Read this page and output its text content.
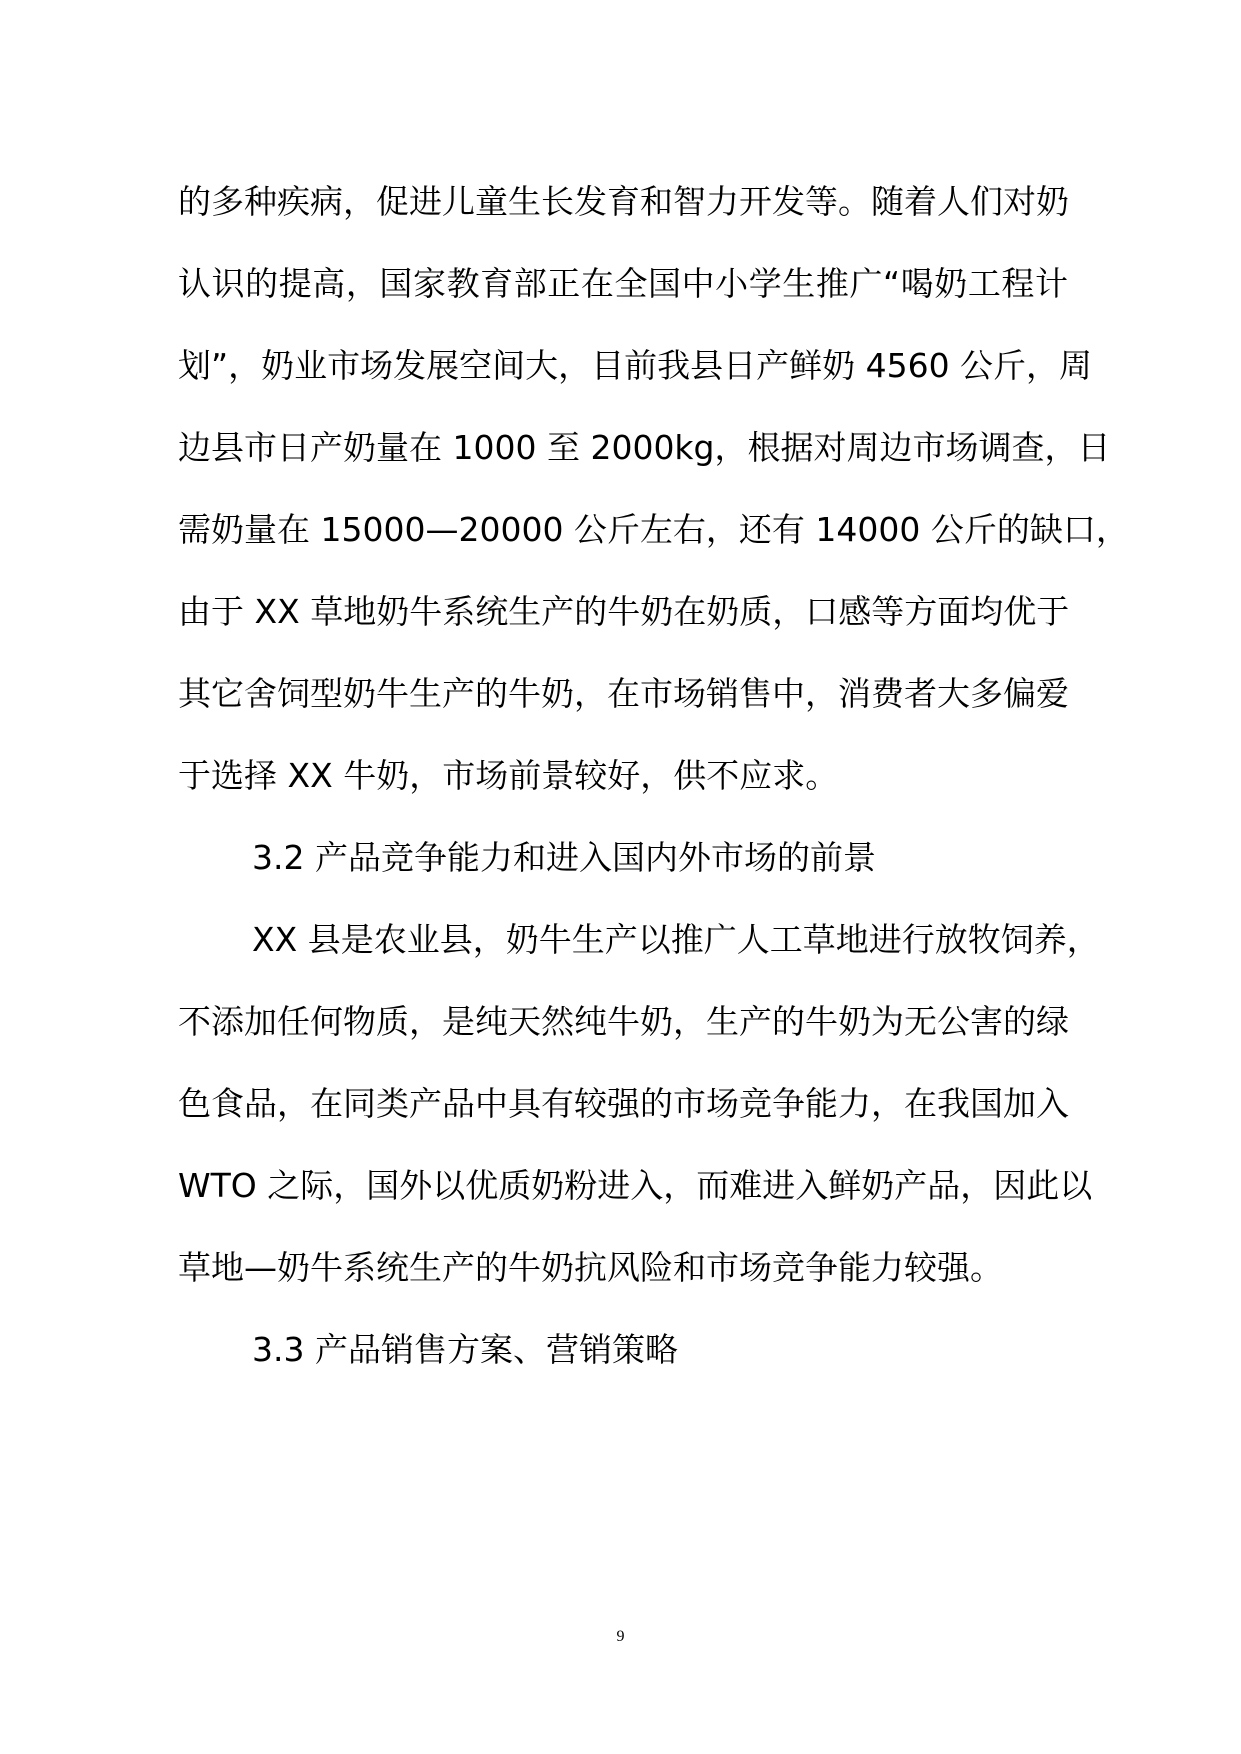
的多种疾病，促进儿童生长发育和智力开发等。随着人们对奶
认识的提高，国家教育部正在全国中小学生推广“喝奶工程计
划”，奶业市场发展空间大，目前我县日产鲜奶 4560 公斤，周
边县市日产奶量在 1000 至 2000kg，根据对周边市场调查，日
需奶量在 15000—20000 公斤左右，还有 14000 公斤的缺口，
由于 XX 草地奶牛系统生产的牛奶在奶质，口感等方面均优于
其它舍饲型奶牛生产的牛奶，在市场销售中，消费者大多偏爱
于选择 XX 牛奶，市场前景较好，供不应求。
3.2 产品竞争能力和进入国内外市场的前景
XX 县是农业县，奶牛生产以推广人工草地进行放牧饲养，
不添加任何物质，是纯天然纯牛奶，生产的牛奶为无公害的绿
色食品，在同类产品中具有较强的市场竞争能力，在我国加入
WTO 之际，国外以优质奶粉进入，而难进入鲜奶产品，因此以
草地—奶牛系统生产的牛奶抗风险和市场竞争能力较强。
3.3 产品销售方案、营销策略
9
